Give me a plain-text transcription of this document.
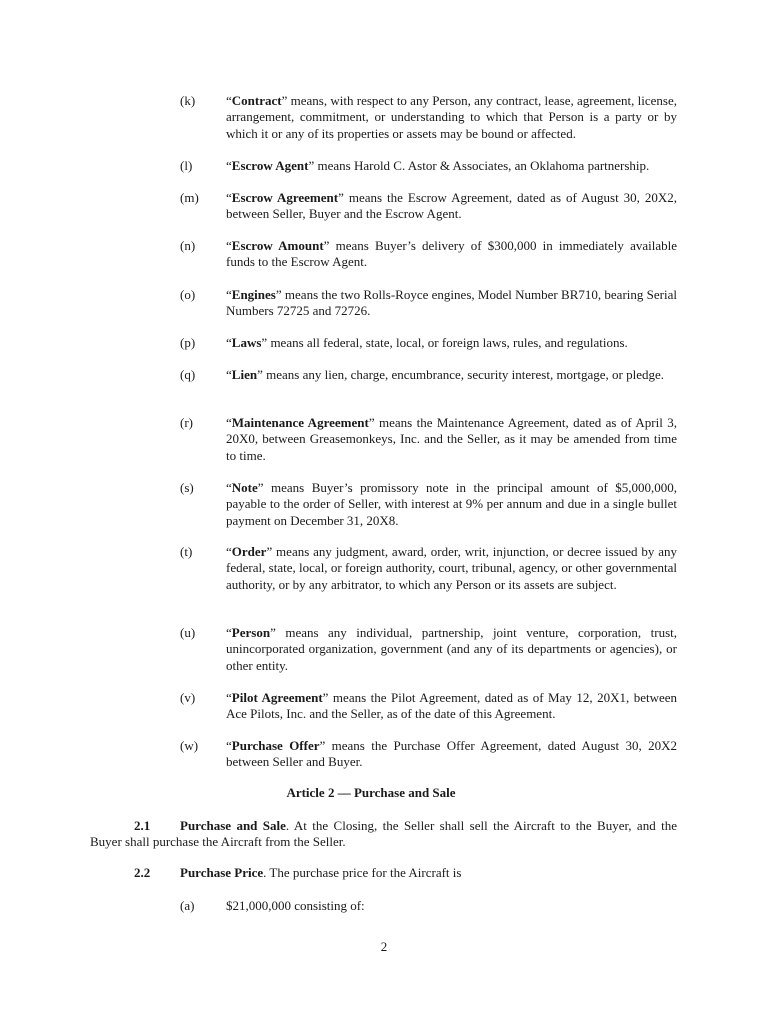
(k)	“Contract” means, with respect to any Person, any contract, lease, agreement, license, arrangement, commitment, or understanding to which that Person is a party or by which it or any of its properties or assets may be bound or affected.
(l)	“Escrow Agent” means Harold C. Astor & Associates, an Oklahoma partnership.
(m)	“Escrow Agreement” means the Escrow Agreement, dated as of August 30, 20X2, between Seller, Buyer and the Escrow Agent.
(n)	“Escrow Amount” means Buyer’s delivery of $300,000 in immediately available funds to the Escrow Agent.
(o)	“Engines” means the two Rolls-Royce engines, Model Number BR710, bearing Serial Numbers 72725 and 72726.
(p)	“Laws” means all federal, state, local, or foreign laws, rules, and regulations.
(q)	“Lien” means any lien, charge, encumbrance, security interest, mortgage, or pledge.
(r)	“Maintenance Agreement” means the Maintenance Agreement, dated as of April 3, 20X0, between Greasemonkeys, Inc. and the Seller, as it may be amended from time to time.
(s)	“Note” means Buyer’s promissory note in the principal amount of $5,000,000, payable to the order of Seller, with interest at 9% per annum and due in a single bullet payment on December 31, 20X8.
(t)	“Order” means any judgment, award, order, writ, injunction, or decree issued by any federal, state, local, or foreign authority, court, tribunal, agency, or other governmental authority, or by any arbitrator, to which any Person or its assets are subject.
(u)	“Person” means any individual, partnership, joint venture, corporation, trust, unincorporated organization, government (and any of its departments or agencies), or other entity.
(v)	“Pilot Agreement” means the Pilot Agreement, dated as of May 12, 20X1, between Ace Pilots, Inc. and the Seller, as of the date of this Agreement.
(w)	“Purchase Offer” means the Purchase Offer Agreement, dated August 30, 20X2 between Seller and Buyer.
Article 2 — Purchase and Sale
2.1 Purchase and Sale. At the Closing, the Seller shall sell the Aircraft to the Buyer, and the Buyer shall purchase the Aircraft from the Seller.
2.2 Purchase Price. The purchase price for the Aircraft is
(a) $21,000,000 consisting of:
2
